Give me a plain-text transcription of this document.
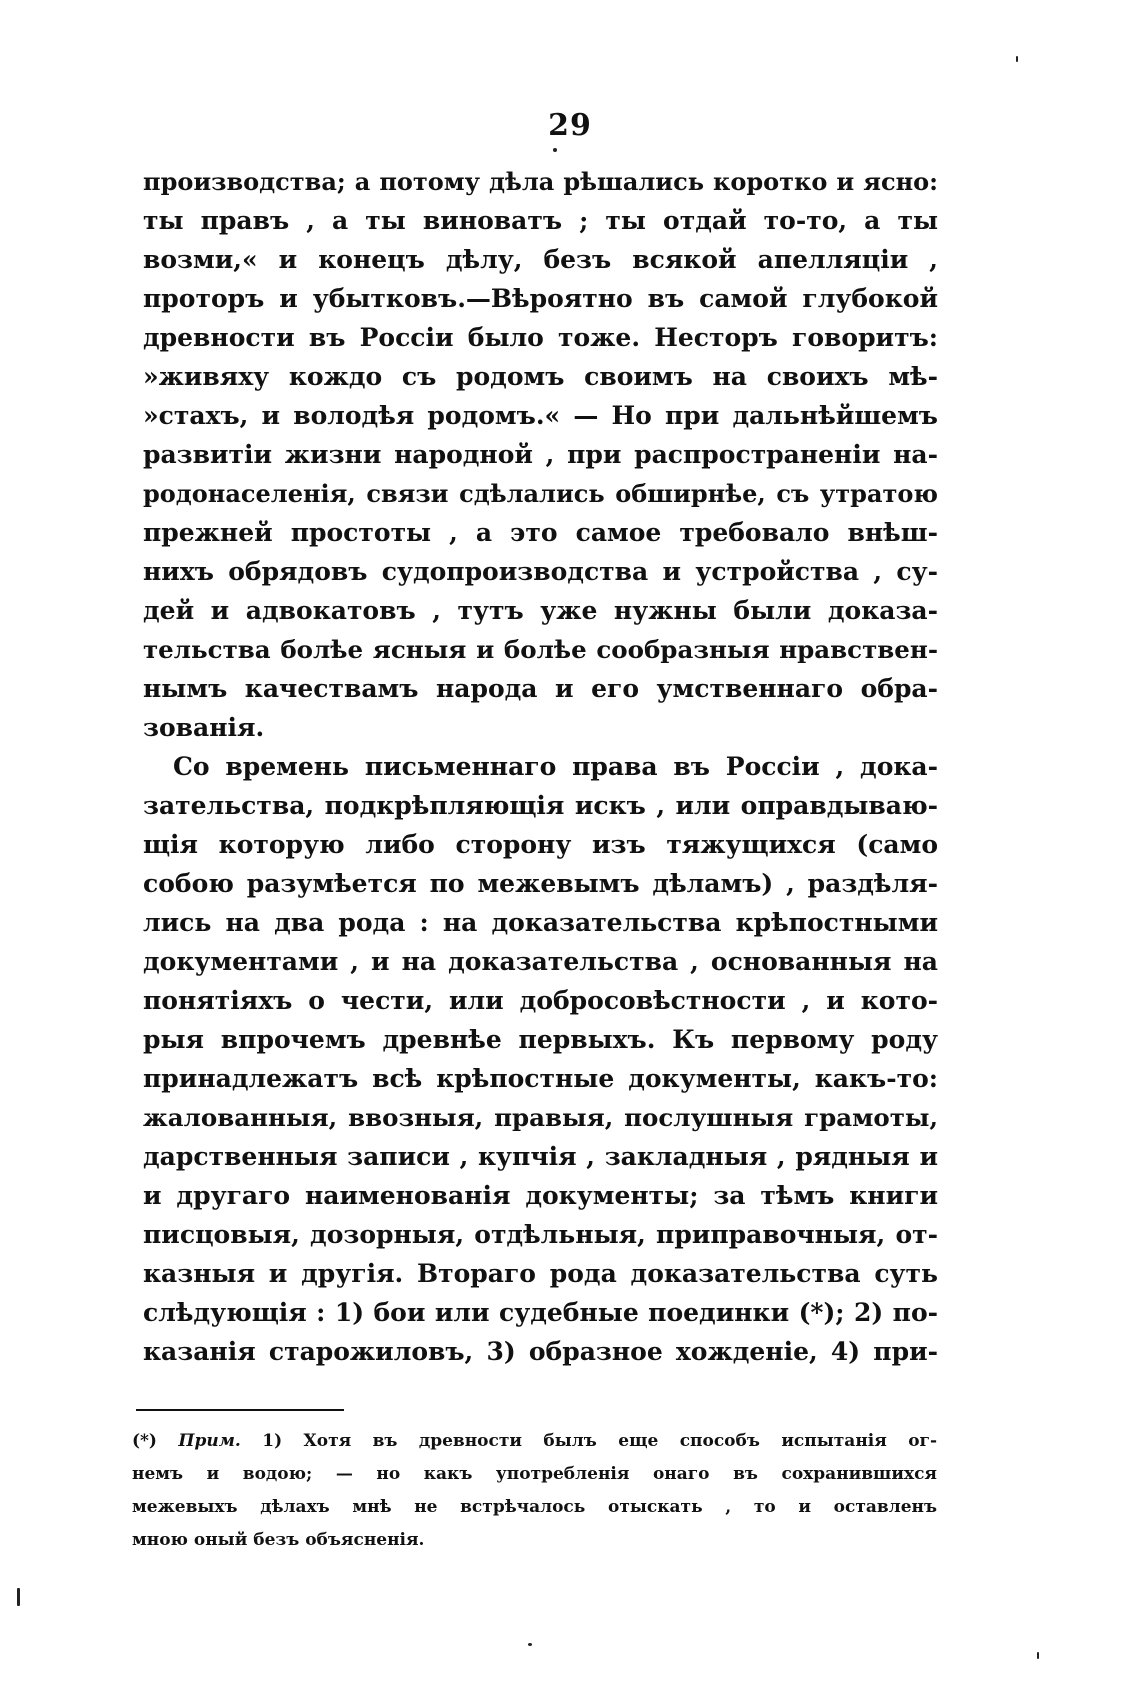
29
производства; а потому дѣла рѣшались коротко и ясно:
ты правъ , а ты виноватъ ; ты отдай то-то, а ты
возми,« и конецъ дѣлу, безъ всякой апелляціи ,
проторъ и убытковъ.—Вѣроятно въ самой глубокой
древности въ Россіи было тоже. Несторъ говоритъ:
»живяху кождо съ родомъ своимъ на своихъ мѣ-
»стахъ, и володѣя родомъ.« — Но при дальнѣйшемъ
развитіи жизни народной , при распространеніи на-
родонаселенія, связи сдѣлались обширнѣе, съ утратою
прежней простоты , а это самое требовало внѣш-
нихъ обрядовъ судопроизводства и устройства , су-
дей и адвокатовъ , тутъ уже нужны были доказа-
тельства болѣе ясныя и болѣе сообразныя нравствен-
нымъ качествамъ народа и его умственнаго обра-
зованія.
Со времень письменнаго права въ Россіи , дока-
зательства, подкрѣпляющія искъ , или оправдываю-
щія которую либо сторону изъ тяжущихся (само
собою разумѣется по межевымъ дѣламъ) , раздѣля-
лись на два рода : на доказательства крѣпостными
документами , и на доказательства , основанныя на
понятіяхъ о чести, или добросовѣстности , и кото-
рыя впрочемъ древнѣе первыхъ. Къ первому роду
принадлежатъ всѣ крѣпостные документы, какъ-то:
жалованныя, ввозныя, правыя, послушныя грамоты,
дарственныя записи , купчія , закладныя , рядныя и
и другаго наименованія документы; за тѣмъ книги
писцовыя, дозорныя, отдѣльныя, приправочныя, от-
казныя и другія. Втораго рода доказательства суть
слѣдующія : 1) бои или судебные поединки (*); 2) по-
казанія старожиловъ, 3) образное хожденіе, 4) при-
(*) Прим. 1) Хотя въ древности былъ еще способъ испытанія ог-
немъ и водою; — но какъ употребленія онаго въ сохранившихся
межевыхъ дѣлахъ мнѣ не встрѣчалось отыскать , то и оставленъ
мною оный безъ объясненія.
